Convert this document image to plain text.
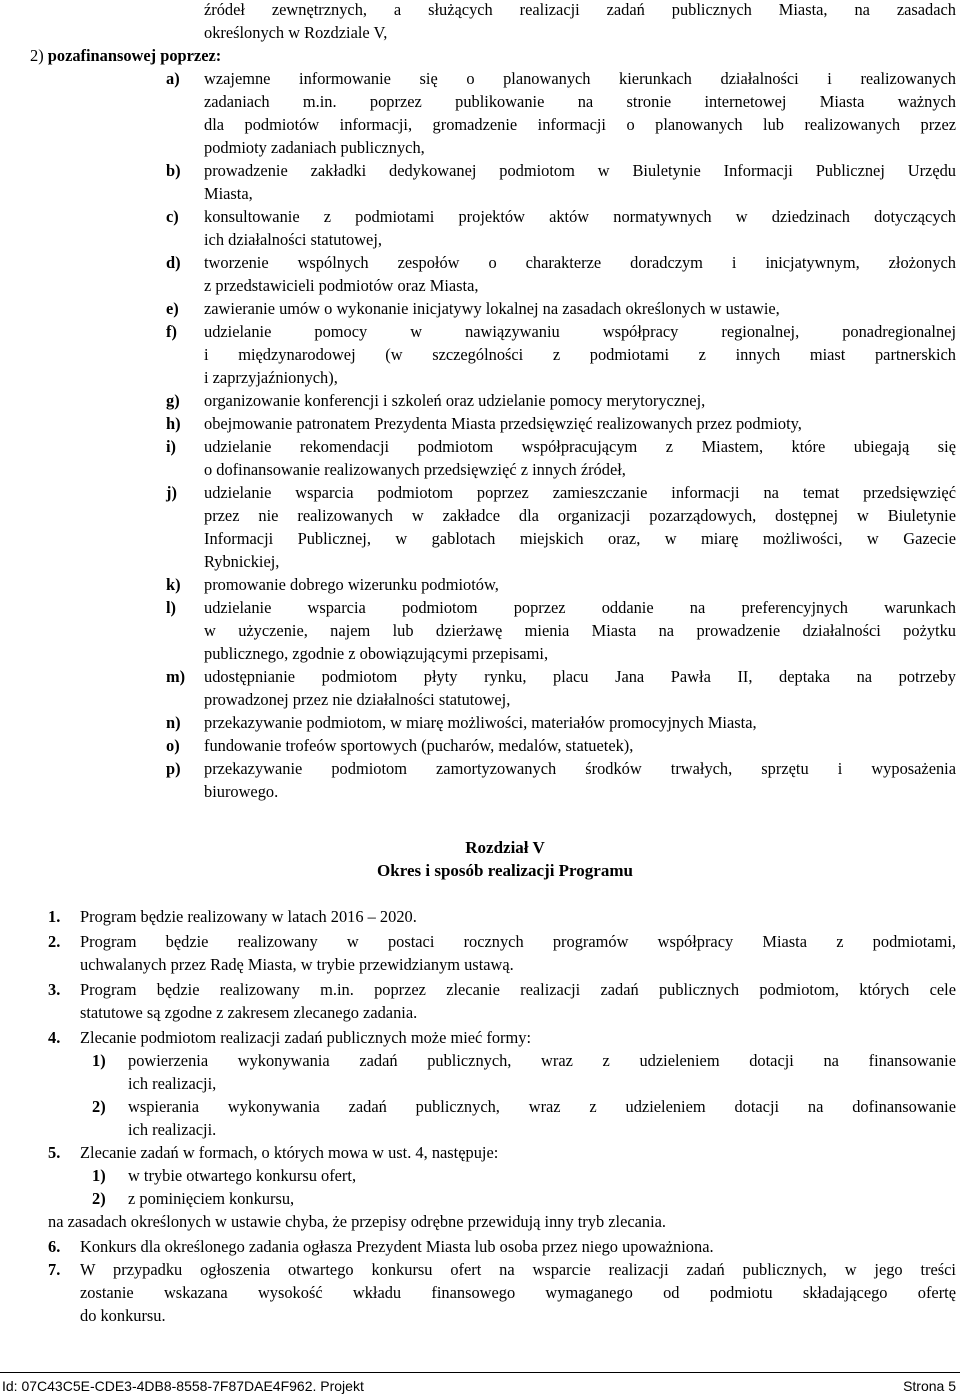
źródeł zewnętrznych, a służących realizacji zadań publicznych Miasta, na zasadach
określonych w Rozdziale V,
2) pozafinansowej poprzez:
a) wzajemne informowanie się o planowanych kierunkach działalności i realizowanych
zadaniach m.in. poprzez publikowanie na stronie internetowej Miasta ważnych
dla podmiotów informacji, gromadzenie informacji o planowanych lub realizowanych przez
podmioty zadaniach publicznych,
b) prowadzenie zakładki dedykowanej podmiotom w Biuletynie Informacji Publicznej Urzędu
Miasta,
c) konsultowanie z podmiotami projektów aktów normatywnych w dziedzinach dotyczących
ich działalności statutowej,
d) tworzenie wspólnych zespołów o charakterze doradczym i inicjatywnym, złożonych
z przedstawicieli podmiotów oraz Miasta,
e) zawieranie umów o wykonanie inicjatywy lokalnej na zasadach określonych w ustawie,
f) udzielanie pomocy w nawiązywaniu współpracy regionalnej, ponadregionalnej
i międzynarodowej (w szczególności z podmiotami z innych miast partnerskich
i zaprzyjaźnionych),
g) organizowanie konferencji i szkoleń oraz udzielanie pomocy merytorycznej,
h) obejmowanie patronatem Prezydenta Miasta przedsięwzięć realizowanych przez podmioty,
i) udzielanie rekomendacji podmiotom współpracującym z Miastem, które ubiegają się
o dofinansowanie realizowanych przedsięwzięć z innych źródeł,
j) udzielanie wsparcia podmiotom poprzez zamieszczanie informacji na temat przedsięwzięć
przez nie realizowanych w zakładce dla organizacji pozarządowych, dostępnej w Biuletynie
Informacji Publicznej, w gablotach miejskich oraz, w miarę możliwości, w Gazecie
Rybnickiej,
k) promowanie dobrego wizerunku podmiotów,
l) udzielanie wsparcia podmiotom poprzez oddanie na preferencyjnych warunkach
w użyczenie, najem lub dzierżawę mienia Miasta na prowadzenie działalności pożytku
publicznego, zgodnie z obowiązującymi przepisami,
m) udostępnianie podmiotom płyty rynku, placu Jana Pawła II, deptaka na potrzeby
prowadzonej przez nie działalności statutowej,
n) przekazywanie podmiotom, w miarę możliwości, materiałów promocyjnych Miasta,
o) fundowanie trofeów sportowych (pucharów, medalów, statuetek),
p) przekazywanie podmiotom zamortyzowanych środków trwałych, sprzętu i wyposażenia
biurowego.
Rozdział V
Okres i sposób realizacji Programu
1. Program będzie realizowany w latach 2016 – 2020.
2. Program będzie realizowany w postaci rocznych programów współpracy Miasta z podmiotami,
uchwalanych przez Radę Miasta, w trybie przewidzianym ustawą.
3. Program będzie realizowany m.in. poprzez zlecanie realizacji zadań publicznych podmiotom, których cele
statutowe są zgodne z zakresem zlecanego zadania.
4. Zlecanie podmiotom realizacji zadań publicznych może mieć formy:
1) powierzenia wykonywania zadań publicznych, wraz z udzieleniem dotacji na finansowanie
ich realizacji,
2) wspierania wykonywania zadań publicznych, wraz z udzieleniem dotacji na dofinansowanie
ich realizacji.
5. Zlecanie zadań w formach, o których mowa w ust. 4, następuje:
1) w trybie otwartego konkursu ofert,
2) z pominięciem konkursu,
na zasadach określonych w ustawie chyba, że przepisy odrębne przewidują inny tryb zlecania.
6. Konkurs dla określonego zadania ogłasza Prezydent Miasta lub osoba przez niego upoważniona.
7. W przypadku ogłoszenia otwartego konkursu ofert na wsparcie realizacji zadań publicznych, w jego treści
zostanie wskazana wysokość wkładu finansowego wymaganego od podmiotu składającego ofertę
do konkursu.
Id: 07C43C5E-CDE3-4DB8-8558-7F87DAE4F962. Projekt	Strona 5
